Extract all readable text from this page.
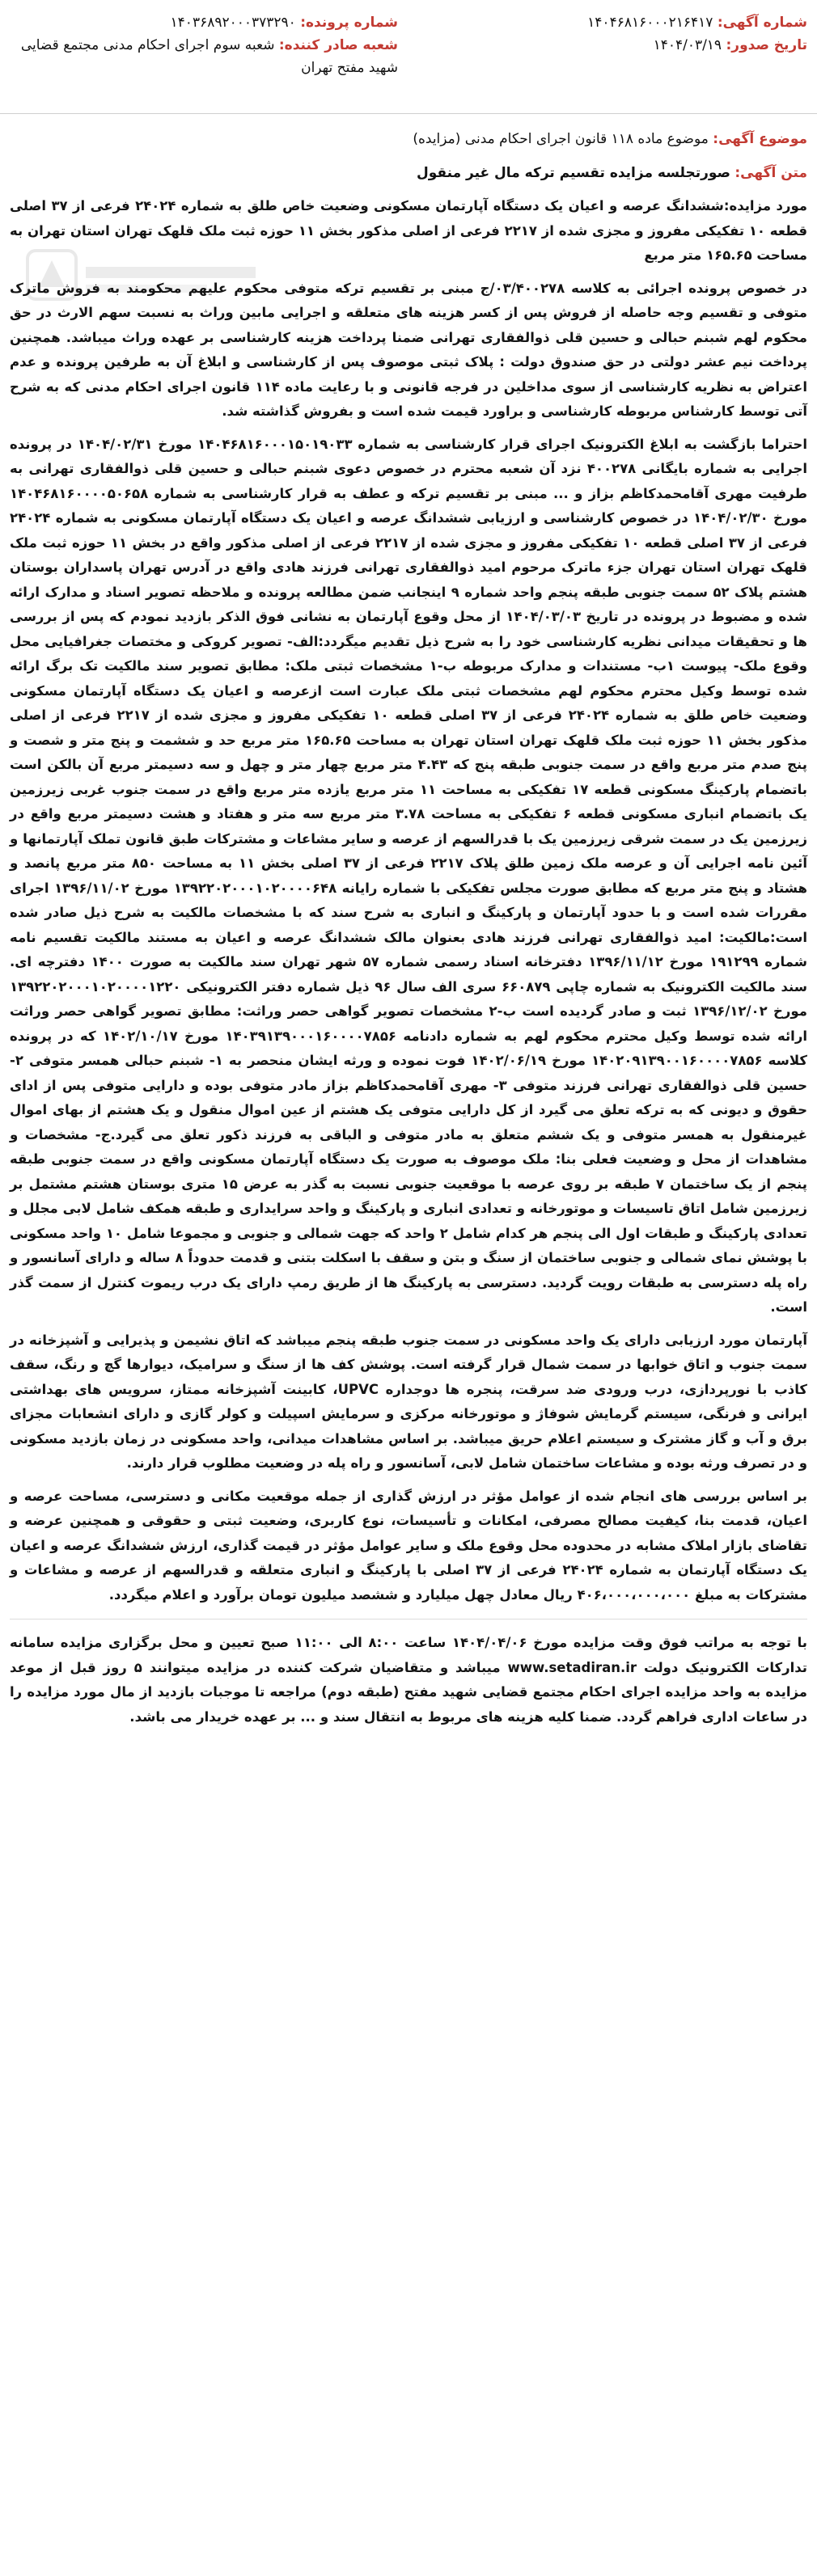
شماره آگهی: ۱۴۰۴۶۸۱۶۰۰۰۲۱۶۴۱۷
تاریخ صدور: ۱۴۰۴/۰۳/۱۹
شماره پرونده: ۱۴۰۳۶۸۹۲۰۰۰۳۷۳۲۹۰
شعبه صادر کننده: شعبه سوم اجرای احکام مدنی مجتمع قضایی شهید مفتح تهران
موضوع آگهی: موضوع ماده ۱۱۸ قانون اجرای احکام مدنی (مزایده)
متن آگهی: صورتجلسه مزایده تقسیم ترکه مال غیر منقول

مورد مزایده:ششدانگ عرصه و اعیان یک دستگاه آپارتمان مسکونی وضعیت خاص طلق به شماره ۲۴۰۲۴ فرعی از ۳۷ اصلی قطعه ۱۰ تفکیکی مفروز و مجزی شده از ۲۲۱۷ فرعی از اصلی مذکور بخش ۱۱ حوزه ثبت ملک قلهک تهران استان تهران به مساحت ۱۶۵.۶۵ متر مربع

در خصوص پرونده اجرائی به کلاسه ۰۳/۴۰۰۲۷۸/ج مبنی بر تقسیم ترکه متوفی محکوم علیهم محکومند به فروش ماترک متوفی و تقسیم وجه حاصله از فروش پس از کسر هزینه های متعلقه و اجرایی مابین وراث به نسبت سهم الارث در حق محکوم لهم شبنم حبالی و حسین قلی ذوالفقاری تهرانی ضمنا پرداخت هزینه کارشناسی بر عهده وراث میباشد. همچنین پرداخت نیم عشر دولتی در حق صندوق دولت : پلاک ثبتی موصوف پس از کارشناسی و ابلاغ آن به طرفین پرونده و عدم اعتراض به نظریه کارشناسی از سوی مداخلین در فرجه قانونی و با رعایت ماده ۱۱۴ قانون اجرای احکام مدنی که به شرح آتی توسط کارشناس مربوطه کارشناسی و براورد قیمت شده است و بفروش گذاشته شد.

احتراما بازگشت به ابلاغ الکترونیک اجرای قرار کارشناسی به شماره ۱۴۰۴۶۸۱۶۰۰۰۱۵۰۱۹۰۳۳ مورخ ۱۴۰۴/۰۲/۳۱ در پرونده اجرایی به شماره بایگانی ۴۰۰۲۷۸ نزد آن شعبه محترم در خصوص دعوی شبنم حبالی و حسین قلی ذوالفقاری تهرانی به طرفیت مهری آقامحمدکاظم بزاز و ... مبنی بر تقسیم ترکه و عطف به قرار کارشناسی به شماره ۱۴۰۴۶۸۱۶۰۰۰۰۵۰۶۵۸ مورخ ۱۴۰۴/۰۲/۳۰ در خصوص کارشناسی و ارزیابی ششدانگ عرصه و اعیان یک دستگاه آپارتمان مسکونی به شماره ۲۴۰۲۴ فرعی از ۳۷ اصلی قطعه ۱۰ تفکیکی مفروز و مجزی شده از ۲۲۱۷ فرعی از اصلی مذکور واقع در بخش ۱۱ حوزه ثبت ملک قلهک تهران استان تهران جزء ماترک مرحوم امید ذوالفقاری تهرانی فرزند هادی واقع در آدرس تهران پاسداران بوستان هشتم پلاک ۵۲ سمت جنوبی طبقه پنجم واحد شماره ۹ اینجانب ضمن مطالعه پرونده و ملاحظه تصویر اسناد و مدارک ارائه شده و مضبوط در پرونده در تاریخ ۱۴۰۴/۰۳/۰۳ از محل وقوع آپارتمان به نشانی فوق الذکر بازدید نمودم که پس از بررسی ها و تحقیقات میدانی نظریه کارشناسی خود را به شرح ذیل تقدیم میگردد:الف- تصویر کروکی و مختصات جغرافیایی محل وقوع ملک- پیوست ۱ب- مستندات و مدارک مربوطه ب-۱ مشخصات ثبتی ملک: مطابق تصویر سند مالکیت تک برگ ارائه شده توسط وکیل محترم محکوم لهم مشخصات ثبتی ملک عبارت است ازعرصه و اعیان یک دستگاه آپارتمان مسکونی وضعیت خاص طلق به شماره ۲۴۰۲۴ فرعی از ۳۷ اصلی قطعه ۱۰ تفکیکی مفروز و مجزی شده از ۲۲۱۷ فرعی از اصلی مذکور بخش ۱۱ حوزه ثبت ملک قلهک تهران استان تهران به مساحت ۱۶۵.۶۵ متر مربع حد و ششمت و پنج متر و شصت و پنج صدم متر مربع واقع در سمت جنوبی طبقه پنج که ۴.۴۳ متر مربع چهار متر و چهل و سه دسیمتر مربع آن بالکن است باتضمام پارکینگ مسکونی قطعه ۱۷ تفکیکی به مساحت ۱۱ متر مربع یازده متر مربع واقع در سمت جنوب غربی زیرزمین یک باتضمام انباری مسکونی قطعه ۶ تفکیکی به مساحت ۳.۷۸ متر مربع سه متر و هفتاد و هشت دسیمتر مربع واقع در زیرزمین یک در سمت شرقی زیرزمین یک با قدرالسهم از عرصه و سایر مشاعات و مشترکات طبق قانون تملک آپارتمانها و آئین نامه اجرایی آن و عرصه ملک زمین طلق پلاک ۲۲۱۷ فرعی از ۳۷ اصلی بخش ۱۱ به مساحت ۸۵۰ متر مربع پانصد و هشتاد و پنج متر مربع که مطابق صورت مجلس تفکیکی با شماره رایانه ۱۳۹۲۲۰۲۰۰۰۱۰۲۰۰۰۰۶۴۸ مورخ ۱۳۹۶/۱۱/۰۲ اجرای مقررات شده است و با حدود آپارتمان و پارکینگ و انباری به شرح سند که با مشخصات مالکیت به شرح ذیل صادر شده است:مالکیت: امید ذوالفقاری تهرانی فرزند هادی بعنوان مالک ششدانگ عرصه و اعیان به مستند مالکیت تقسیم نامه شماره ۱۹۱۲۹۹ مورخ ۱۳۹۶/۱۱/۱۲ دفترخانه اسناد رسمی شماره ۵۷ شهر تهران سند مالکیت به صورت ۱۴۰۰ دفترچه ای. سند مالکیت الکترونیک به شماره چاپی ۶۶۰۸۷۹ سری الف سال ۹۶ ذیل شماره دفتر الکترونیکی ۱۳۹۲۲۰۲۰۰۰۱۰۲۰۰۰۰۱۲۲۰ مورخ ۱۳۹۶/۱۲/۰۲ ثبت و صادر گردیده است ب-۲ مشخصات تصویر گواهی حصر وراثت: مطابق تصویر گواهی حصر وراثت ارائه شده توسط وکیل محترم محکوم لهم به شماره دادنامه ۱۴۰۳۹۱۳۹۰۰۰۱۶۰۰۰۰۷۸۵۶ مورخ ۱۴۰۲/۱۰/۱۷ که در پرونده کلاسه ۱۴۰۲۰۹۱۳۹۰۰۱۶۰۰۰۰۷۸۵۶ مورخ ۱۴۰۲/۰۶/۱۹ فوت نموده و ورثه ایشان منحصر به ۱- شبنم حبالی همسر متوفی ۲- حسین قلی ذوالفقاری تهرانی فرزند متوفی ۳- مهری آقامحمدکاظم بزاز مادر متوفی بوده و دارایی متوفی پس از ادای حقوق و دیونی که به ترکه تعلق می گیرد از کل دارایی متوفی یک هشتم از عین اموال منقول و یک هشتم از بهای اموال غیرمنقول به همسر متوفی و یک ششم متعلق به مادر متوفی و الباقی به فرزند ذکور تعلق می گیرد.ج- مشخصات و مشاهدات از محل و وضعیت فعلی بنا: ملک موصوف به صورت یک دستگاه آپارتمان مسکونی واقع در سمت جنوبی طبقه پنجم از یک ساختمان ۷ طبقه بر روی عرصه با موقعیت جنوبی نسبت به گذر به عرض ۱۵ متری بوستان هشتم مشتمل بر زیرزمین شامل اتاق تاسیسات و موتورخانه و تعدادی انباری و پارکینگ و واحد سرایداری و طبقه همکف شامل لابی مجلل و تعدادی پارکینگ و طبقات اول الی پنجم هر کدام شامل ۲ واحد که جهت شمالی و جنوبی و مجموعا شامل ۱۰ واحد مسکونی با پوشش نمای شمالی و جنوبی ساختمان از سنگ و بتن و سقف با اسکلت بتنی و قدمت حدوداً ۸ ساله و دارای آسانسور و راه پله دسترسی به طبقات رویت گردید. دسترسی به پارکینگ ها از طریق رمپ دارای یک درب ریموت کنترل از سمت گذر است.

آپارتمان مورد ارزیابی دارای یک واحد مسکونی در سمت جنوب طبقه پنجم میباشد که اتاق نشیمن و پذیرایی و آشپزخانه در سمت جنوب و اتاق خوابها در سمت شمال قرار گرفته است. پوشش کف ها از سنگ و سرامیک، دیوارها گچ و رنگ، سقف کاذب با نورپردازی، درب ورودی ضد سرقت، پنجره ها دوجداره UPVC، کابینت آشپزخانه ممتاز، سرویس های بهداشتی ایرانی و فرنگی، سیستم گرمایش شوفاژ و موتورخانه مرکزی و سرمایش اسپیلت و کولر گازی و دارای انشعابات مجزای برق و آب و گاز مشترک و سیستم اعلام حریق میباشد. بر اساس مشاهدات میدانی، واحد مسکونی در زمان بازدید مسکونی و در تصرف ورثه بوده و مشاعات ساختمان شامل لابی، آسانسور و راه پله در وضعیت مطلوب قرار دارند.

بر اساس بررسی های انجام شده از عوامل مؤثر در ارزش گذاری از جمله موقعیت مکانی و دسترسی، مساحت عرصه و اعیان، قدمت بنا، کیفیت مصالح مصرفی، امکانات و تأسیسات، نوع کاربری، وضعیت ثبتی و حقوقی و همچنین عرضه و تقاضای بازار املاک مشابه در محدوده محل وقوع ملک و سایر عوامل مؤثر در قیمت گذاری، ارزش ششدانگ عرصه و اعیان یک دستگاه آپارتمان به شماره ۲۴۰۲۴ فرعی از ۳۷ اصلی با پارکینگ و انباری متعلقه و قدرالسهم از عرصه و مشاعات و مشترکات به مبلغ ۴۰۶،۰۰۰،۰۰۰،۰۰۰ ریال معادل چهل میلیارد و ششصد میلیون تومان برآورد و اعلام میگردد.

با توجه به مراتب فوق وقت مزایده مورخ ۱۴۰۴/۰۴/۰۶ ساعت ۸:۰۰ الی ۱۱:۰۰ صبح تعیین و محل برگزاری مزایده سامانه تدارکات الکترونیک دولت www.setadiran.ir میباشد و متقاضیان شرکت کننده در مزایده میتوانند ۵ روز قبل از موعد مزایده به واحد مزایده اجرای احکام مجتمع قضایی شهید مفتح (طبقه دوم) مراجعه تا موجبات بازدید از مال مورد مزایده را در ساعات اداری فراهم گردد. ضمنا کلیه هزینه های مربوط به انتقال سند و ... بر عهده خریدار می باشد.
